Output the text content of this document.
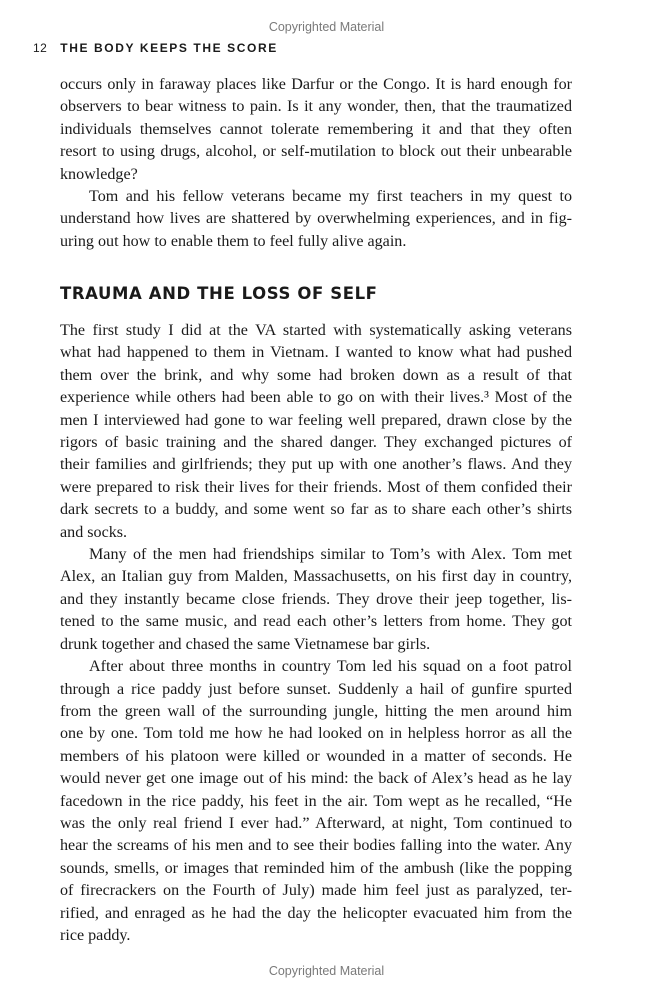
Copyrighted Material
12 THE BODY KEEPS THE SCORE
occurs only in faraway places like Darfur or the Congo. It is hard enough for
observers to bear witness to pain. Is it any wonder, then, that the traumatized
individuals themselves cannot tolerate remembering it and that they often
resort to using drugs, alcohol, or self-mutilation to block out their unbearable
knowledge?
Tom and his fellow veterans became my first teachers in my quest to
understand how lives are shattered by overwhelming experiences, and in fig-
uring out how to enable them to feel fully alive again.
TRAUMA AND THE LOSS OF SELF
The first study I did at the VA started with systematically asking veterans
what had happened to them in Vietnam. I wanted to know what had pushed
them over the brink, and why some had broken down as a result of that
experience while others had been able to go on with their lives.³ Most of the
men I interviewed had gone to war feeling well prepared, drawn close by the
rigors of basic training and the shared danger. They exchanged pictures of
their families and girlfriends; they put up with one another’s flaws. And they
were prepared to risk their lives for their friends. Most of them confided their
dark secrets to a buddy, and some went so far as to share each other’s shirts
and socks.
Many of the men had friendships similar to Tom’s with Alex. Tom met
Alex, an Italian guy from Malden, Massachusetts, on his first day in country,
and they instantly became close friends. They drove their jeep together, lis-
tened to the same music, and read each other’s letters from home. They got
drunk together and chased the same Vietnamese bar girls.
After about three months in country Tom led his squad on a foot patrol
through a rice paddy just before sunset. Suddenly a hail of gunfire spurted
from the green wall of the surrounding jungle, hitting the men around him
one by one. Tom told me how he had looked on in helpless horror as all the
members of his platoon were killed or wounded in a matter of seconds. He
would never get one image out of his mind: the back of Alex’s head as he lay
facedown in the rice paddy, his feet in the air. Tom wept as he recalled, “He
was the only real friend I ever had.” Afterward, at night, Tom continued to
hear the screams of his men and to see their bodies falling into the water. Any
sounds, smells, or images that reminded him of the ambush (like the popping
of firecrackers on the Fourth of July) made him feel just as paralyzed, ter-
rified, and enraged as he had the day the helicopter evacuated him from the
rice paddy.
Copyrighted Material
